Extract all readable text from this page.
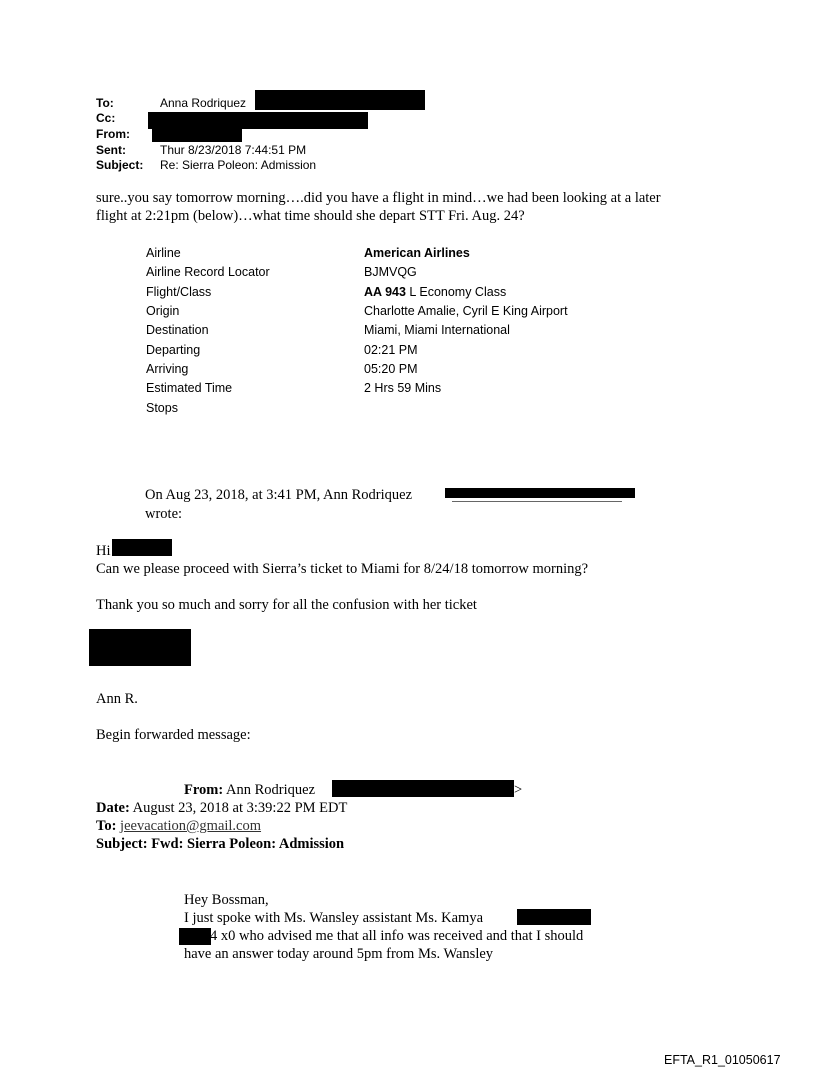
To:	Anna Rodriquez
Cc:
From:
Sent:	Thur 8/23/2018 7:44:51 PM
Subject: Re: Sierra Poleon: Admission
sure..you say tomorrow morning….did you have a flight in mind…we had been looking at a later
flight at 2:21pm (below)…what time should she depart STT Fri. Aug. 24?
Airline	American Airlines
Airline Record Locator	BJMVQG
Flight/Class	AA 943 L Economy Class
Origin	Charlotte Amalie, Cyril E King Airport
Destination	Miami, Miami International
Departing	02:21 PM
Arriving	05:20 PM
Estimated Time	2 Hrs 59 Mins
Stops
On Aug 23, 2018, at 3:41 PM, Ann Rodriquez
wrote:
Hi
Can we please proceed with Sierra’s ticket to Miami for 8/24/18 tomorrow morning?
Thank you so much and sorry for all the confusion with her ticket
Ann R.
Begin forwarded message:
From: Ann Rodriquez	>
Date: August 23, 2018 at 3:39:22 PM EDT
To: jeevacation@gmail.com
Subject: Fwd: Sierra Poleon: Admission
Hey Bossman,
I just spoke with Ms. Wansley assistant Ms. Kamya
4 x0 who advised me that all info was received and that I should
have an answer today around 5pm from Ms. Wansley
EFTA_R1_01050617
